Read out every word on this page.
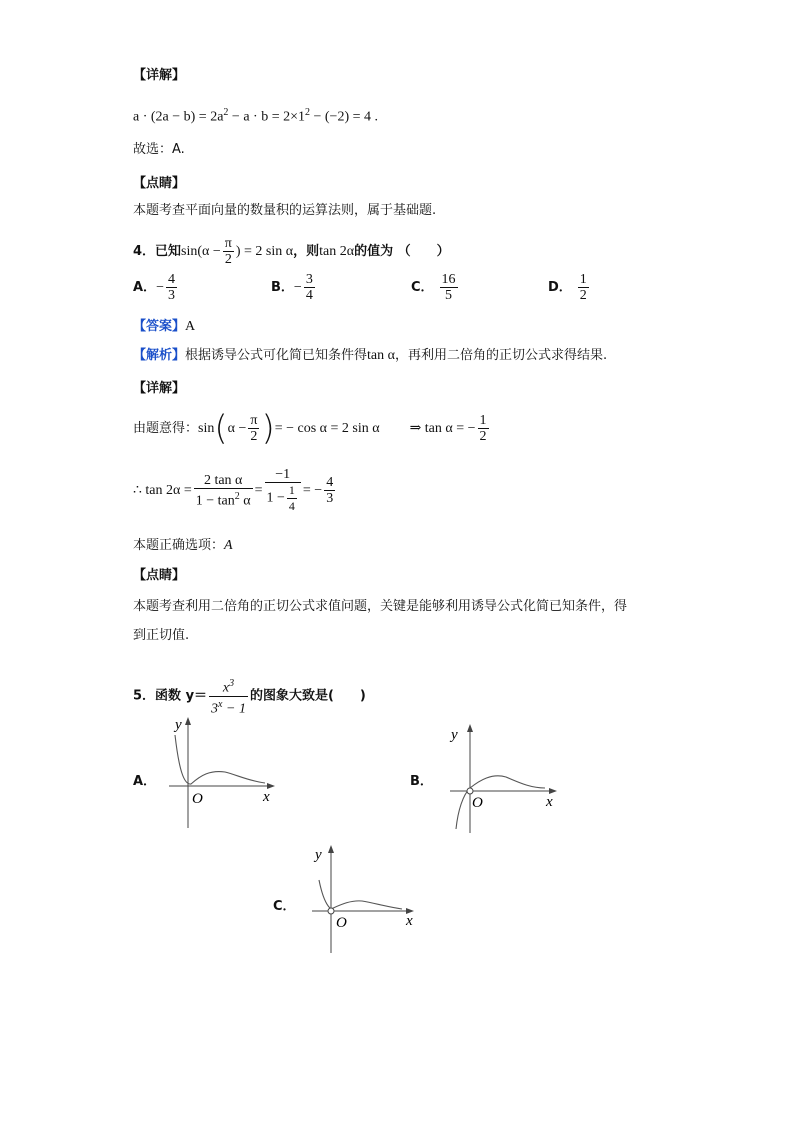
【详解】
$a \cdot (2a - b) = 2a^2 - a \cdot b = 2\times 1^2 - (-2) = 4$ .
故选：A.
【点睛】
本题考查平面向量的数量积的运算法则，属于基础题.
4．已知$\sin(\alpha - \frac{\pi}{2}$ ) = 2 sin α，则tan 2α的值为 （　　）
A．− $\frac{4}{3}$	B．− $\frac{3}{4}$	C． $\frac{16}{5}$	D． $\frac{1}{2}$
【答案】A
【解析】根据诱导公式可化简已知条件得tan α，再利用二倍角的正切公式求得结果.
【详解】
由题意得：$\sin(\alpha - \frac{\pi}{2}$ )= − cos α = 2 sin α ⇒ tan α = − $\frac{1}{2}$
∴ $\tan 2\alpha = \frac{\text{2 tan α}}{1 - \tan^2 \alpha} = \frac{-1}{1 - \frac{1}{4}}$ = − $\frac{4}{3}$
本题正确选项：A
【点睛】
本题考查利用二倍角的正切公式求值问题，关键是能够利用诱导公式化简已知条件，得
到正切值.
5．函数 $y= \frac{x^3}{3^x - 1}$ 的图象大致是(　　)
A．
y
x
O
B．
y
x
O
C．
y
x
O
